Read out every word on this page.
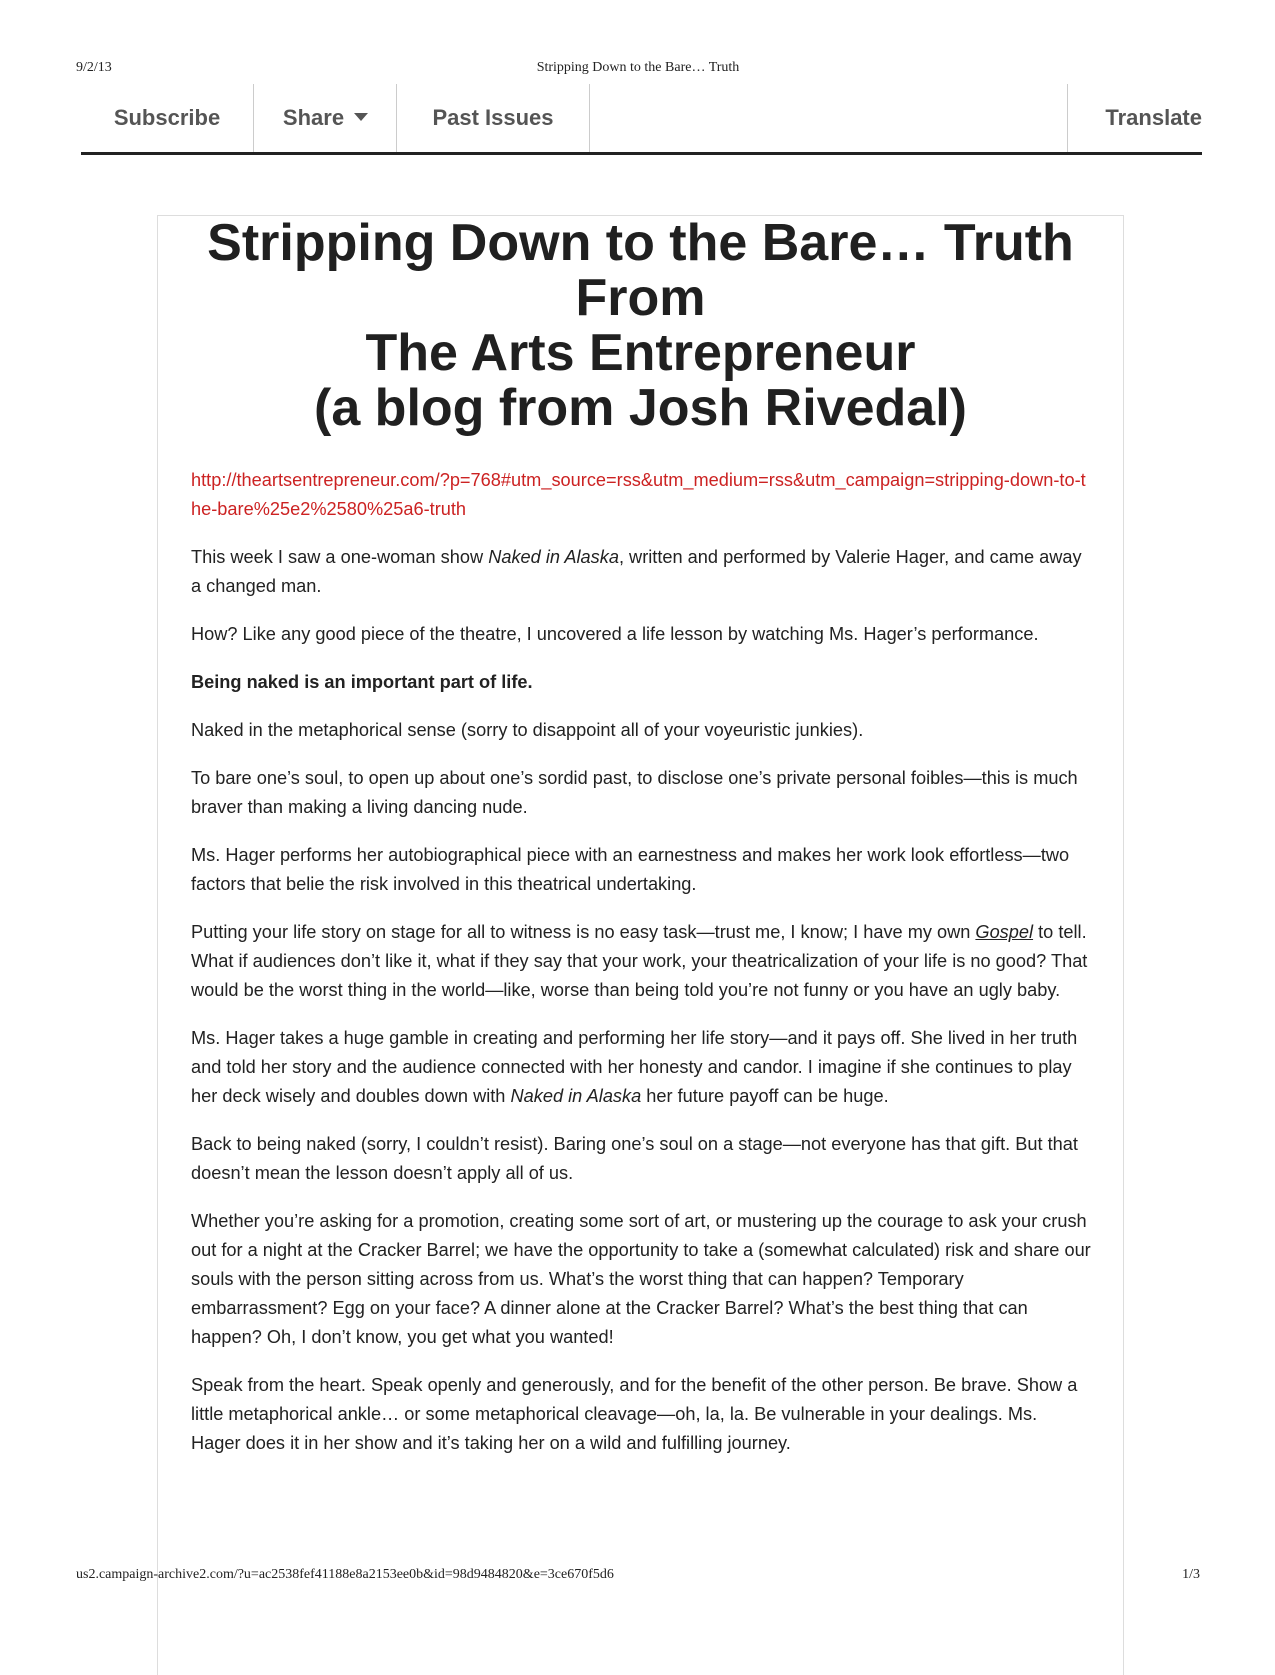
9/2/13	Stripping Down to the Bare… Truth
Subscribe	Share	Past Issues	Translate
Stripping Down to the Bare… Truth
From
The Arts Entrepreneur
(a blog from Josh Rivedal)

http://theartsentrepreneur.com/?p=768#utm_source=rss&utm_medium=rss&utm_campaign=stripping-down-to-the-bare%25e2%2580%25a6-truth

This week I saw a one-woman show Naked in Alaska, written and performed by Valerie Hager, and came away a changed man.

How? Like any good piece of the theatre, I uncovered a life lesson by watching Ms. Hager’s performance.

Being naked is an important part of life.

Naked in the metaphorical sense (sorry to disappoint all of your voyeuristic junkies).

To bare one’s soul, to open up about one’s sordid past, to disclose one’s private personal foibles—this is much braver than making a living dancing nude.

Ms. Hager performs her autobiographical piece with an earnestness and makes her work look effortless—two factors that belie the risk involved in this theatrical undertaking.

Putting your life story on stage for all to witness is no easy task—trust me, I know; I have my own Gospel to tell. What if audiences don’t like it, what if they say that your work, your theatricalization of your life is no good? That would be the worst thing in the world—like, worse than being told you’re not funny or you have an ugly baby.

Ms. Hager takes a huge gamble in creating and performing her life story—and it pays off. She lived in her truth and told her story and the audience connected with her honesty and candor. I imagine if she continues to play her deck wisely and doubles down with Naked in Alaska her future payoff can be huge.

Back to being naked (sorry, I couldn’t resist). Baring one’s soul on a stage—not everyone has that gift. But that doesn’t mean the lesson doesn’t apply all of us.

Whether you’re asking for a promotion, creating some sort of art, or mustering up the courage to ask your crush out for a night at the Cracker Barrel; we have the opportunity to take a (somewhat calculated) risk and share our souls with the person sitting across from us. What’s the worst thing that can happen? Temporary embarrassment? Egg on your face? A dinner alone at the Cracker Barrel? What’s the best thing that can happen? Oh, I don’t know, you get what you wanted!

Speak from the heart. Speak openly and generously, and for the benefit of the other person. Be brave. Show a little metaphorical ankle… or some metaphorical cleavage—oh, la, la. Be vulnerable in your dealings. Ms. Hager does it in her show and it’s taking her on a wild and fulfilling journey.

us2.campaign-archive2.com/?u=ac2538fef41188e8a2153ee0b&id=98d9484820&e=3ce670f5d6	1/3
